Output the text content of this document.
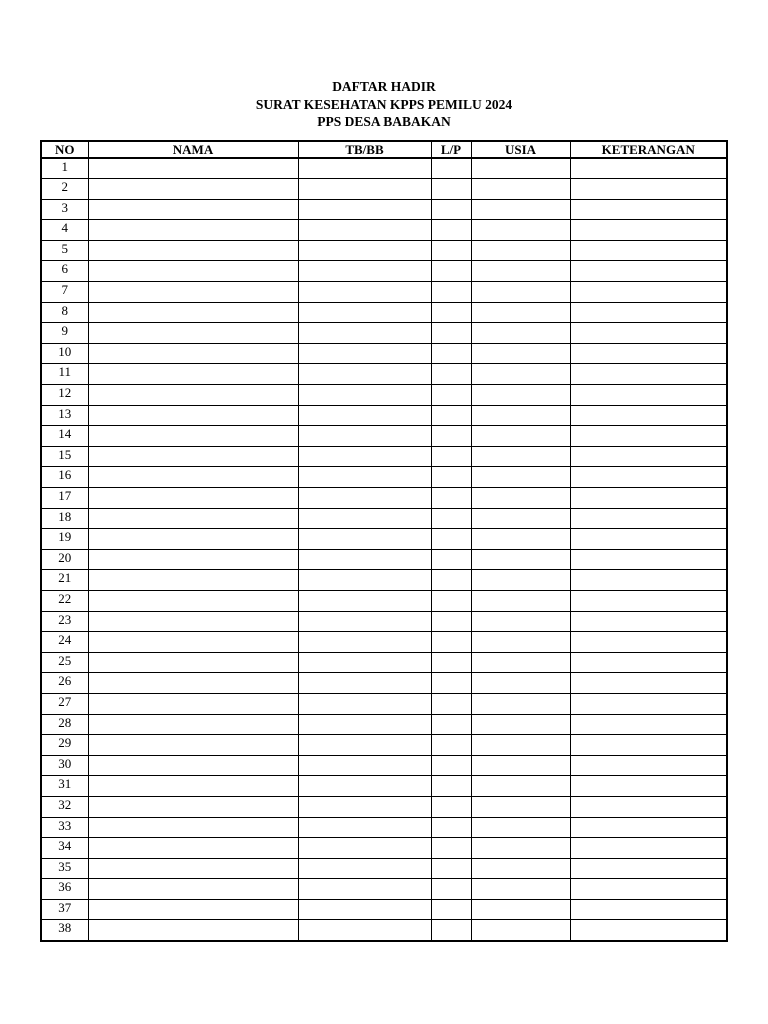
DAFTAR HADIR
SURAT KESEHATAN KPPS PEMILU 2024
PPS DESA BABAKAN
NO	NAMA	TB/BB	L/P	USIA	KETERANGAN
1					
2					
3					
4					
5					
6					
7					
8					
9					
10					
11					
12					
13					
14					
15					
16					
17					
18					
19					
20					
21					
22					
23					
24					
25					
26					
27					
28					
29					
30					
31					
32					
33					
34					
35					
36					
37					
38					
